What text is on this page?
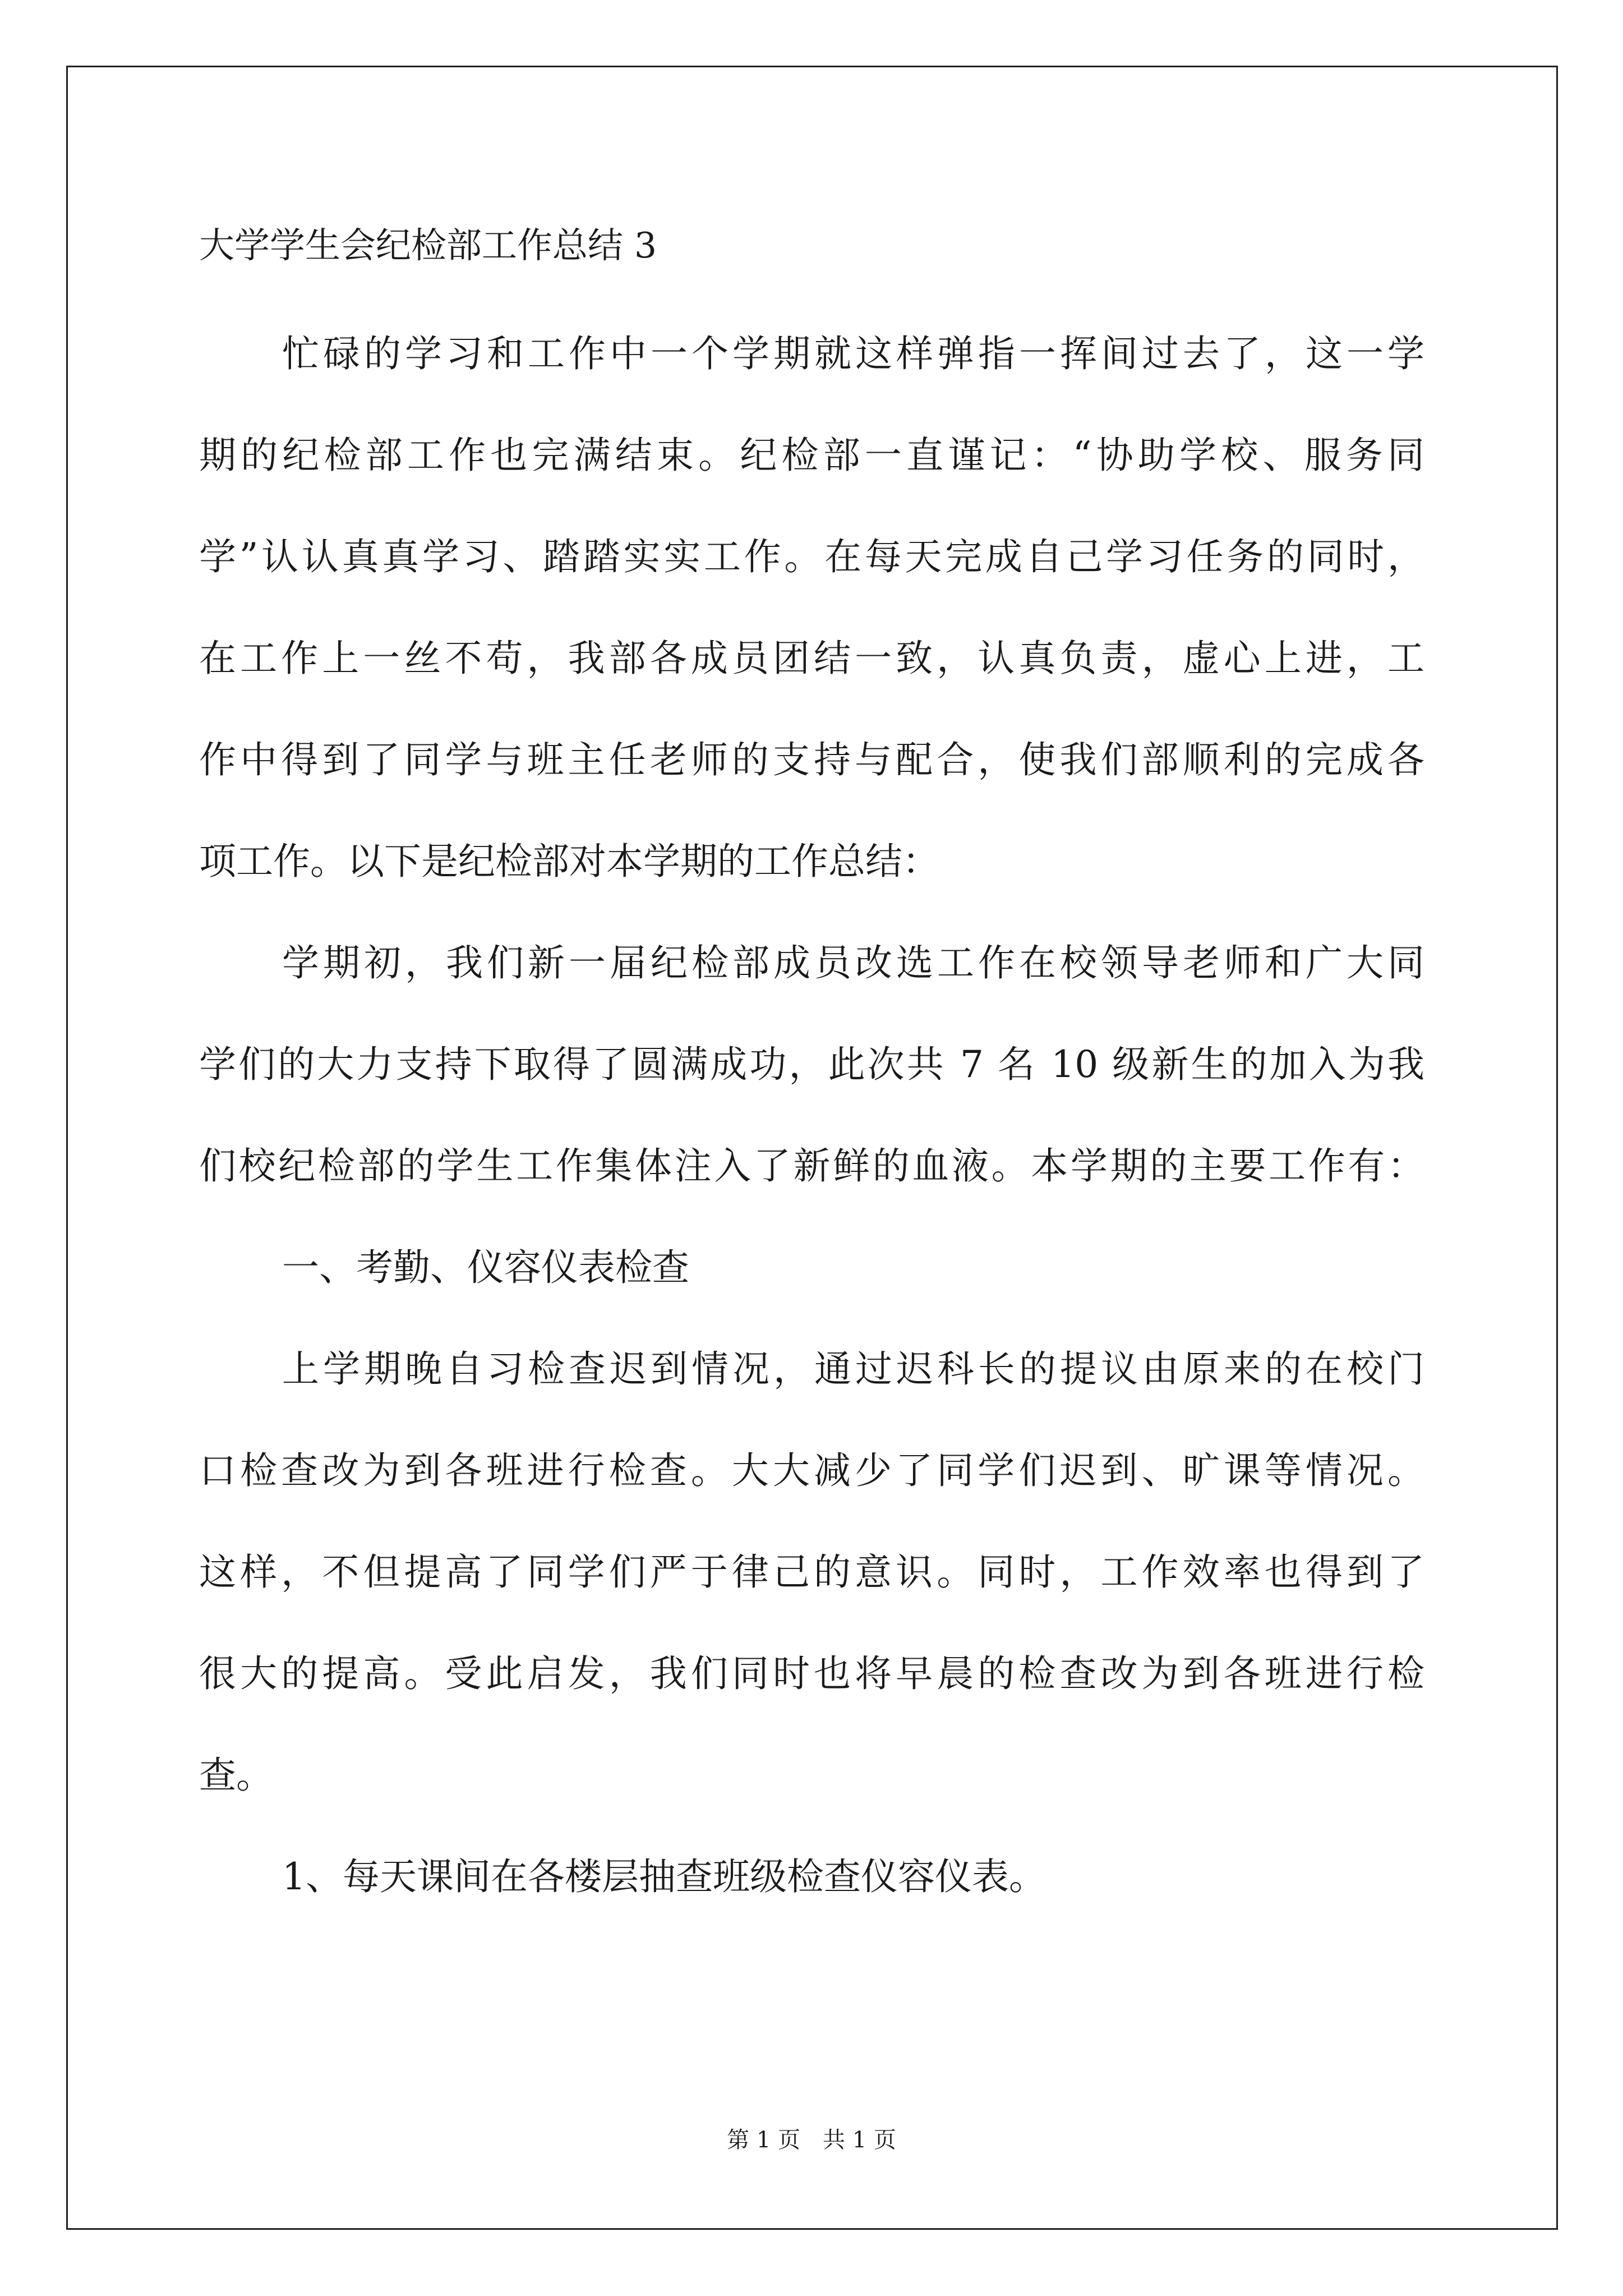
大学学生会纪检部工作总结 3
忙碌的学习和工作中一个学期就这样弹指一挥间过去了，这一学
期的纪检部工作也完满结束。纪检部一直谨记：“协助学校、服务同
学”认认真真学习、踏踏实实工作。在每天完成自己学习任务的同时，
在工作上一丝不苟，我部各成员团结一致，认真负责，虚心上进，工
作中得到了同学与班主任老师的支持与配合，使我们部顺利的完成各
项工作。以下是纪检部对本学期的工作总结：
学期初，我们新一届纪检部成员改选工作在校领导老师和广大同
学们的大力支持下取得了圆满成功，此次共 7 名 10 级新生的加入为我
们校纪检部的学生工作集体注入了新鲜的血液。本学期的主要工作有：
一、考勤、仪容仪表检查
上学期晚自习检查迟到情况，通过迟科长的提议由原来的在校门
口检查改为到各班进行检查。大大减少了同学们迟到、旷课等情况。
这样，不但提高了同学们严于律己的意识。同时，工作效率也得到了
很大的提高。受此启发，我们同时也将早晨的检查改为到各班进行检
查。
1、每天课间在各楼层抽查班级检查仪容仪表。
第 1 页 共 1 页
